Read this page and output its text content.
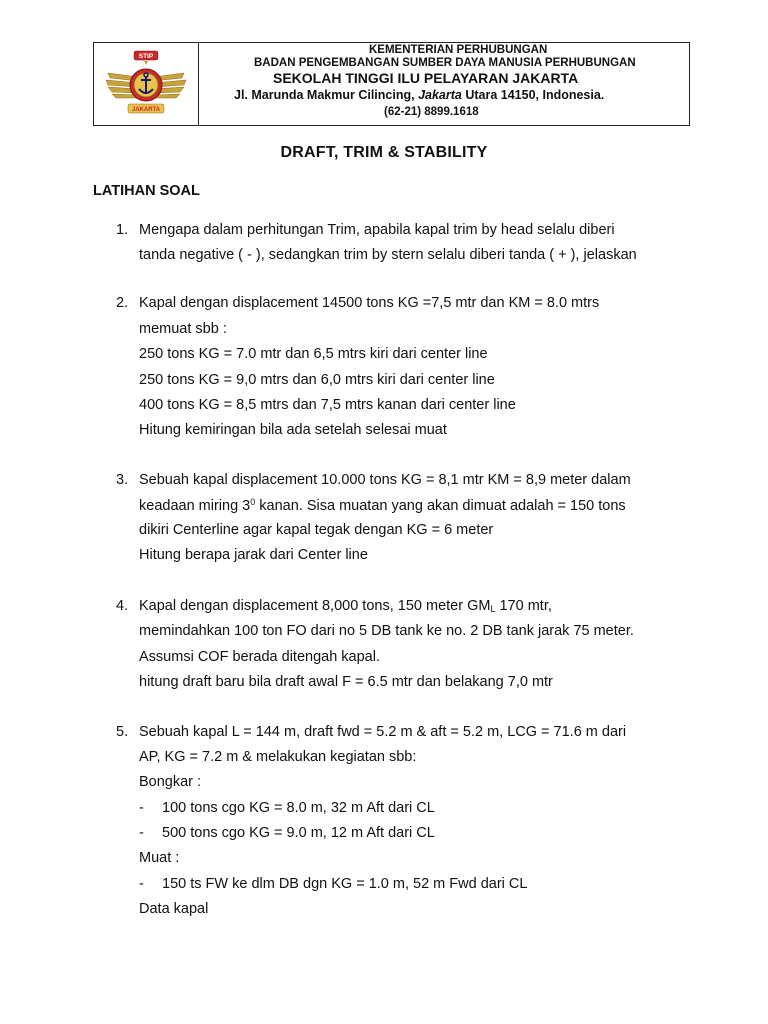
STIP
JAKARTA
KEMENTERIAN PERHUBUNGAN
BADAN PENGEMBANGAN SUMBER DAYA MANUSIA PERHUBUNGAN
SEKOLAH TINGGI ILU PELAYARAN JAKARTA
Jl. Marunda Makmur Cilincing, Jakarta Utara 14150, Indonesia.
(62-21) 8899.1618
DRAFT, TRIM & STABILITY
LATIHAN SOAL
1. Mengapa dalam perhitungan Trim, apabila kapal trim by head selalu diberi
tanda negative ( - ), sedangkan trim by stern selalu diberi tanda ( + ), jelaskan
2. Kapal dengan displacement 14500 tons KG =7,5 mtr dan KM = 8.0 mtrs
memuat sbb :
250 tons KG = 7.0 mtr dan 6,5 mtrs kiri dari center line
250 tons KG = 9,0 mtrs dan 6,0 mtrs kiri dari center line
400 tons KG = 8,5 mtrs dan 7,5 mtrs kanan dari center line
Hitung kemiringan bila ada setelah selesai muat
3. Sebuah kapal displacement 10.000 tons KG = 8,1 mtr KM = 8,9 meter dalam
keadaan miring $3^0$ kanan. Sisa muatan yang akan dimuat adalah = 150 tons
dikiri Centerline agar kapal tegak dengan KG = 6 meter
Hitung berapa jarak dari Center line
4. Kapal dengan displacement 8,000 tons, 150 meter $GM_L$ 170 mtr,
memindahkan 100 ton FO dari no 5 DB tank ke no. 2 DB tank jarak 75 meter.
Assumsi COF berada ditengah kapal.
hitung draft baru bila draft awal F = 6.5 mtr dan belakang 7,0 mtr
5. Sebuah kapal L = 144 m, draft fwd = 5.2 m & aft = 5.2 m, LCG = 71.6 m dari
AP, KG = 7.2 m & melakukan kegiatan sbb:
Bongkar :
- 100 tons cgo KG = 8.0 m, 32 m Aft dari CL
- 500 tons cgo KG = 9.0 m, 12 m Aft dari CL
Muat :
- 150 ts FW ke dlm DB dgn KG = 1.0 m, 52 m Fwd dari CL
Data kapal
